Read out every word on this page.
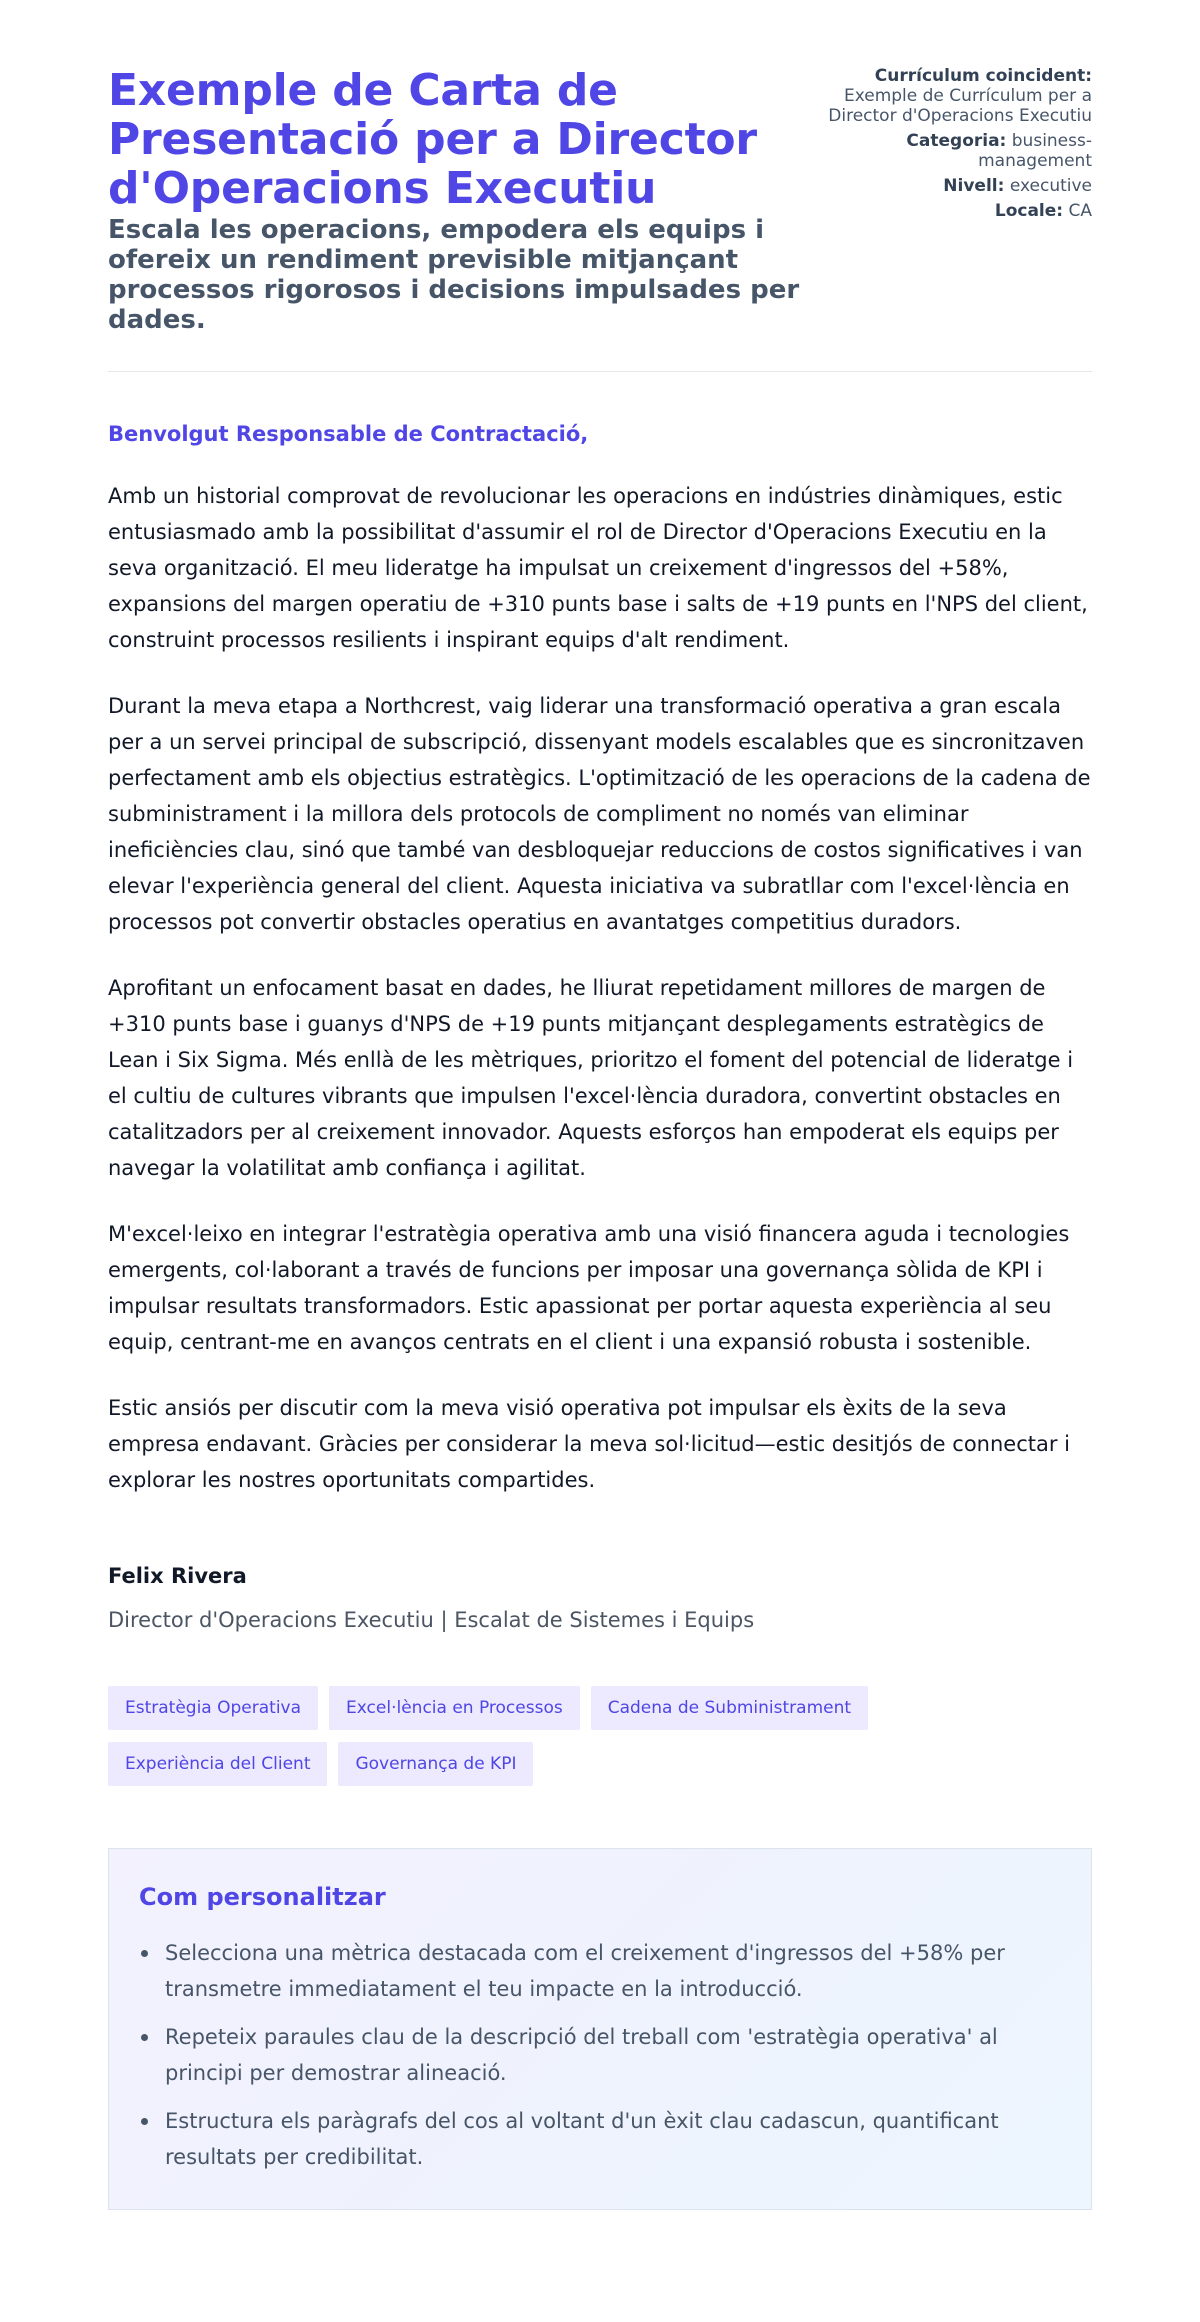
Exemple de Carta de Presentació per a Director d'Operacions Executiu
Escala les operacions, empodera els equips i ofereix un rendiment previsible mitjançant processos rigorosos i decisions impulsades per dades.
Currículum coincident:
Exemple de Currículum per a Director d'Operacions Executiu
Categoria: business-management
Nivell: executive
Locale: CA
Benvolgut Responsable de Contractació,

Amb un historial comprovat de revolucionar les operacions en indústries dinàmiques, estic entusiasmado amb la possibilitat d'assumir el rol de Director d'Operacions Executiu en la seva organització. El meu lideratge ha impulsat un creixement d'ingressos del +58%, expansions del margen operatiu de +310 punts base i salts de +19 punts en l'NPS del client, construint processos resilients i inspirant equips d'alt rendiment.

Durant la meva etapa a Northcrest, vaig liderar una transformació operativa a gran escala per a un servei principal de subscripció, dissenyant models escalables que es sincronitzaven perfectament amb els objectius estratègics. L'optimització de les operacions de la cadena de subministrament i la millora dels protocols de compliment no només van eliminar ineficiències clau, sinó que també van desbloquejar reduccions de costos significatives i van elevar l'experiència general del client. Aquesta iniciativa va subratllar com l'excel·lència en processos pot convertir obstacles operatius en avantatges competitius duradors.

Aprofitant un enfocament basat en dades, he lliurat repetidament millores de margen de +310 punts base i guanys d'NPS de +19 punts mitjançant desplegaments estratègics de Lean i Six Sigma. Més enllà de les mètriques, prioritzo el foment del potencial de lideratge i el cultiu de cultures vibrants que impulsen l'excel·lència duradora, convertint obstacles en catalitzadors per al creixement innovador. Aquests esforços han empoderat els equips per navegar la volatilitat amb confiança i agilitat.

M'excel·leixo en integrar l'estratègia operativa amb una visió financera aguda i tecnologies emergents, col·laborant a través de funcions per imposar una governança sòlida de KPI i impulsar resultats transformadors. Estic apassionat per portar aquesta experiència al seu equip, centrant-me en avanços centrats en el client i una expansió robusta i sostenible.

Estic ansiós per discutir com la meva visió operativa pot impulsar els èxits de la seva empresa endavant. Gràcies per considerar la meva sol·licitud—estic desitjós de connectar i explorar les nostres oportunitats compartides.

Felix Rivera
Director d'Operacions Executiu | Escalat de Sistemes i Equips
Estratègia Operativa	Excel·lència en Processos	Cadena de Subministrament
Experiència del Client	Governança de KPI
Com personalitzar
Selecciona una mètrica destacada com el creixement d'ingressos del +58% per transmetre immediatament el teu impacte en la introducció.
Repeteix paraules clau de la descripció del treball com 'estratègia operativa' al principi per demostrar alineació.
Estructura els paràgrafs del cos al voltant d'un èxit clau cadascun, quantificant resultats per credibilitat.
